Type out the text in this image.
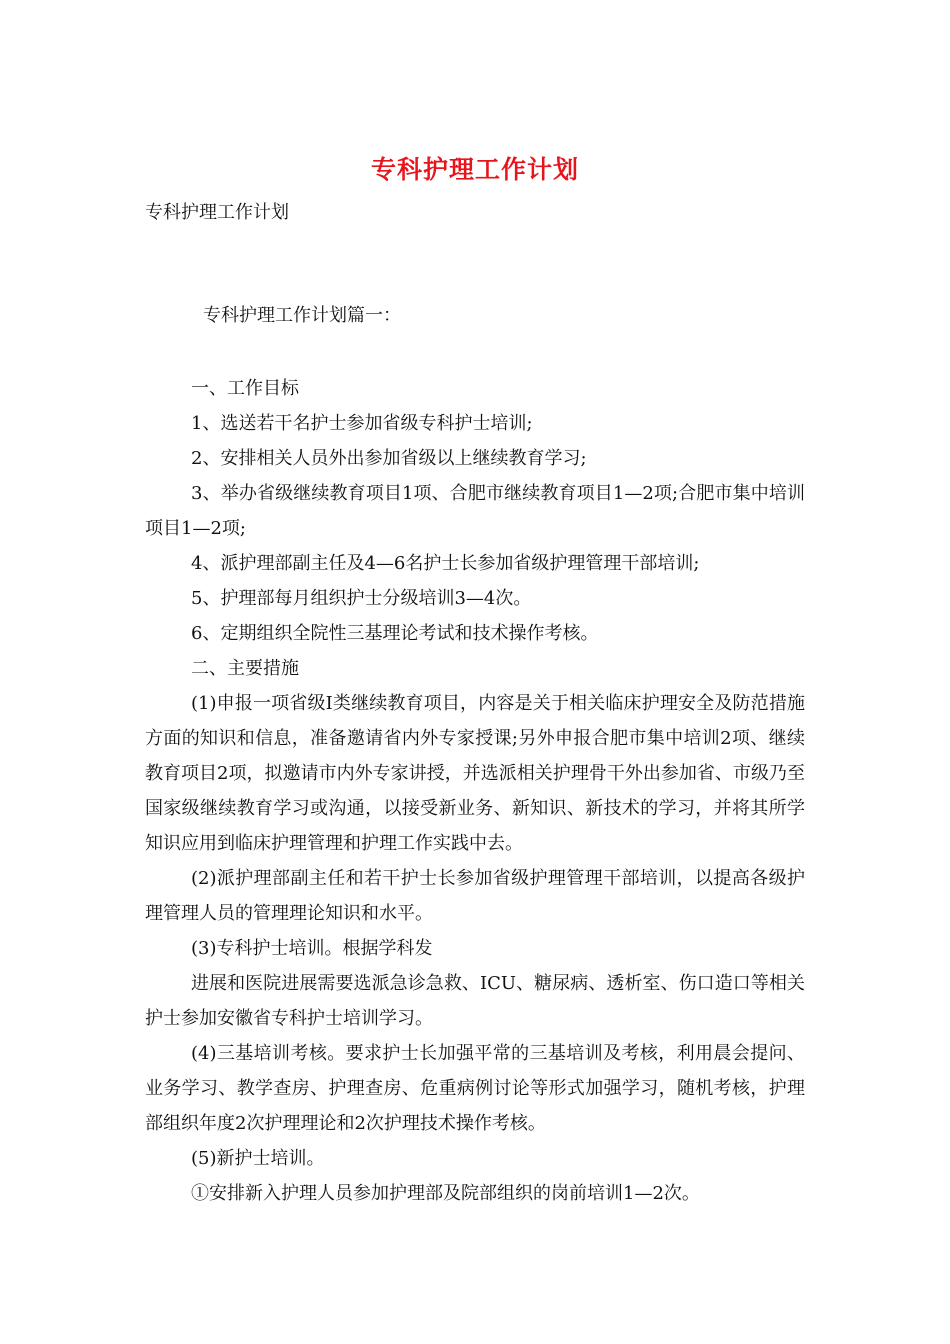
专科护理工作计划
专科护理工作计划

专科护理工作计划篇一：

一、工作目标

1、选送若干名护士参加省级专科护士培训;

2、安排相关人员外出参加省级以上继续教育学习;

3、举办省级继续教育项目1项、合肥市继续教育项目1—2项;合肥市集中培训项目1—2项;

4、派护理部副主任及4—6名护士长参加省级护理管理干部培训;

5、护理部每月组织护士分级培训3—4次。

6、定期组织全院性三基理论考试和技术操作考核。

二、主要措施

(1)申报一项省级Ⅰ类继续教育项目，内容是关于相关临床护理安全及防范措施方面的知识和信息，准备邀请省内外专家授课;另外申报合肥市集中培训2项、继续教育项目2项，拟邀请市内外专家讲授，并选派相关护理骨干外出参加省、市级乃至国家级继续教育学习或沟通，以接受新业务、新知识、新技术的学习，并将其所学知识应用到临床护理管理和护理工作实践中去。

(2)派护理部副主任和若干护士长参加省级护理管理干部培训，以提高各级护理管理人员的管理理论知识和水平。

(3)专科护士培训。根据学科发

进展和医院进展需要选派急诊急救、ICU、糖尿病、透析室、伤口造口等相关护士参加安徽省专科护士培训学习。

(4)三基培训考核。要求护士长加强平常的三基培训及考核，利用晨会提问、业务学习、教学查房、护理查房、危重病例讨论等形式加强学习，随机考核，护理部组织年度2次护理理论和2次护理技术操作考核。

(5)新护士培训。

①安排新入护理人员参加护理部及院部组织的岗前培训1—2次。
